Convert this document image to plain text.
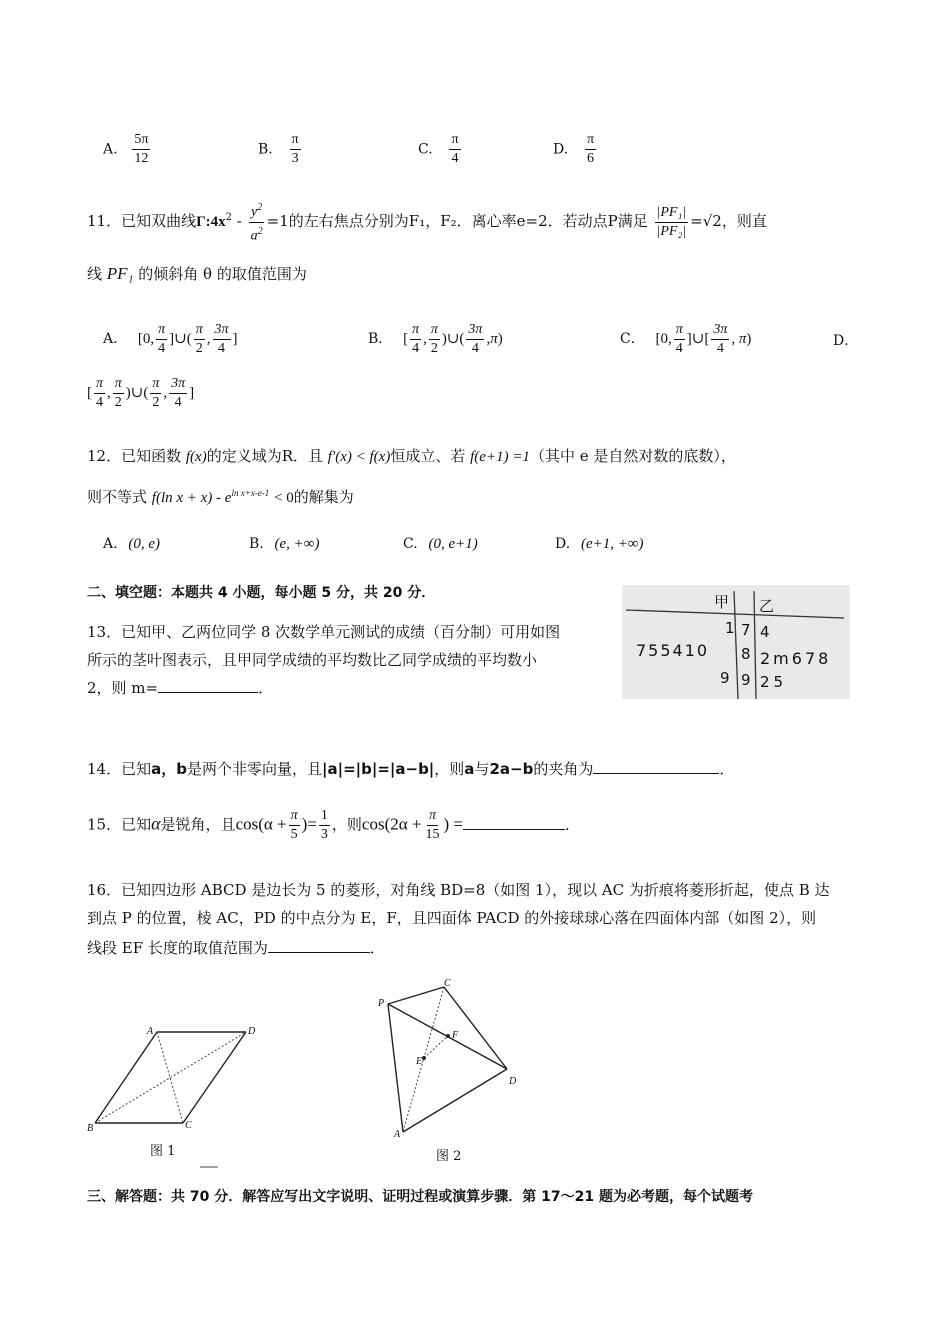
A. $\frac{5\pi}{12}$	B. $\frac{\pi}{3}$	C. $\frac{\pi}{4}$	D. $\frac{\pi}{6}$
11．已知双曲线$\Gamma:4x^2 - \frac{y^2}{a^2} =1$的左右焦点分别为F₁，F₂．离心率e=2．若动点P满足 $\frac{\text{|PF₁|}}{\text{|PF₂|}} =√2$，则直
线 PF₁ 的倾斜角 θ 的取值范围为
A． [0, $\frac{\pi}{4}$ ]∪( $\frac{\pi}{2}$ , $\frac{3\pi}{4}$ ]	B． [ $\frac{\pi}{4}$ , $\frac{\pi}{2}$ )∪( $\frac{3\pi}{4} ,\pi$)	C． [0, $\frac{\pi}{4}$ ]∪[ $\frac{3\pi}{4}$ , π)	D．
[ $\frac{\pi}{4}$ , $\frac{\pi}{2}$ )∪( $\frac{\pi}{2}$ , $\frac{3\pi}{4}$ ]
12．已知函数 f(x)的定义域为R．且 f′(x) < f(x)恒成立、若 f(e+1) =1（其中 e 是自然对数的底数），
则不等式 f(ln $x + x) - e^{ln x+x-e-1} < 0$的解集为
A. (0, e)	B. (e, +∞)	C. (0, e+1)	D. (e+1, +∞)
二、填空题：本题共 4 小题，每小题 5 分，共 20 分．
13．已知甲、乙两位同学 8 次数学单元测试的成绩（百分制）可用如图
所示的茎叶图表示，且甲同学成绩的平均数比乙同学成绩的平均数小
2，则 m=	．
甲 乙
1 7 4
755410 8 2m678
9 9 25
14．已知a，b是两个非零向量，且|a|=|b|=|a−b|，则a与2a−b的夹角为	．
15．已知α是锐角，且$\cos(\alpha + \frac{\pi}{5}$ )= $\frac{1}{3}$ ，则$\cos(2\alpha + \frac{\pi}{15}$ ) =	．
16．已知四边形 ABCD 是边长为 5 的菱形，对角线 BD=8（如图 1），现以 AC 为折痕将菱形折起，使点 B 达
到点 P 的位置，棱 AC，PD 的中点分为 E，F，且四面体 PACD 的外接球球心落在四面体内部（如图 2），则
线段 EF 长度的取值范围为	．
A	D
B	C
图 1
P
C
F
E
D
A
图 2
三、解答题：共 70 分．解答应写出文字说明、证明过程或演算步骤．第 17～21 题为必考题，每个试题考
